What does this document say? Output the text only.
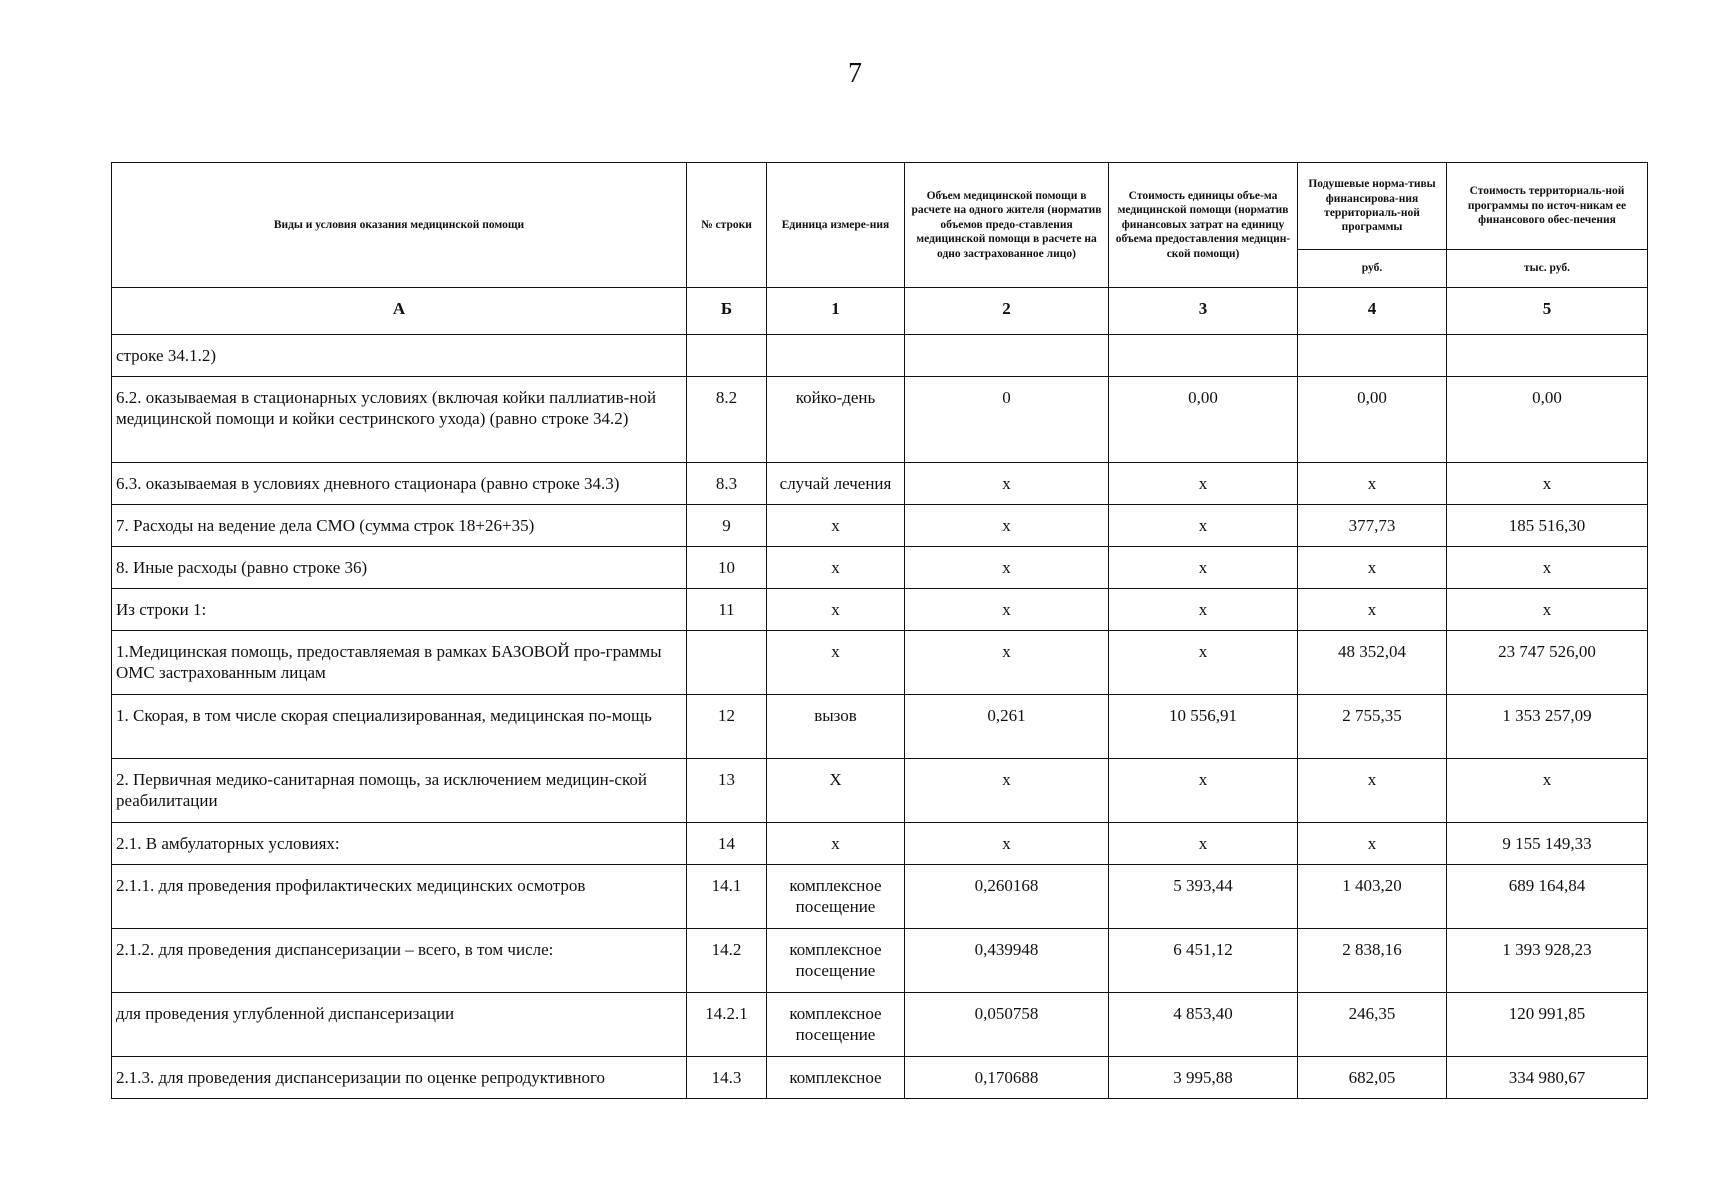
7
Виды и условия оказания медицинской помощи	№ строки	Единица измере-ния	Объем медицинской помощи в расчете на одного жителя (норматив объемов предо-ставления медицинской помощи в расчете на одно застрахованное лицо)	Стоимость единицы объе-ма медицинской помощи (норматив финансовых затрат на единицу объема предоставления медицин-ской помощи)	Подушевые норма-тивы финансирова-ния территориаль-ной программы	Стоимость территориаль-ной программы по источ-никам ее финансового обес-печения
					руб.	тыс. руб.
А	Б	1	2	3	4	5
строке 34.1.2)						
6.2. оказываемая в стационарных условиях (включая койки паллиатив-ной медицинской помощи и койки сестринского ухода) (равно строке 34.2)	8.2	койко-день	0	0,00	0,00	0,00
6.3. оказываемая в условиях дневного стационара (равно строке 34.3)	8.3	случай лечения	х	х	х	х
7. Расходы на ведение дела СМО (сумма строк 18+26+35)	9	х	х	х	377,73	185 516,30
8. Иные расходы (равно строке 36)	10	х	х	х	х	х
Из строки 1:	11	х	х	х	х	х
1.Медицинская помощь, предоставляемая в рамках БАЗОВОЙ про-граммы ОМС застрахованным лицам		х	х	х	48 352,04	23 747 526,00
1. Скорая, в том числе скорая специализированная, медицинская по-мощь	12	вызов	0,261	10 556,91	2 755,35	1 353 257,09
2. Первичная медико-санитарная помощь, за исключением медицин-ской реабилитации	13	Х	х	х	х	х
2.1. В амбулаторных условиях:	14	х	х	х	х	9 155 149,33
2.1.1. для проведения профилактических медицинских осмотров	14.1	комплексное посещение	0,260168	5 393,44	1 403,20	689 164,84
2.1.2. для проведения диспансеризации – всего, в том числе:	14.2	комплексное посещение	0,439948	6 451,12	2 838,16	1 393 928,23
для проведения углубленной диспансеризации	14.2.1	комплексное посещение	0,050758	4 853,40	246,35	120 991,85
2.1.3. для проведения диспансеризации по оценке репродуктивного	14.3	комплексное	0,170688	3 995,88	682,05	334 980,67
